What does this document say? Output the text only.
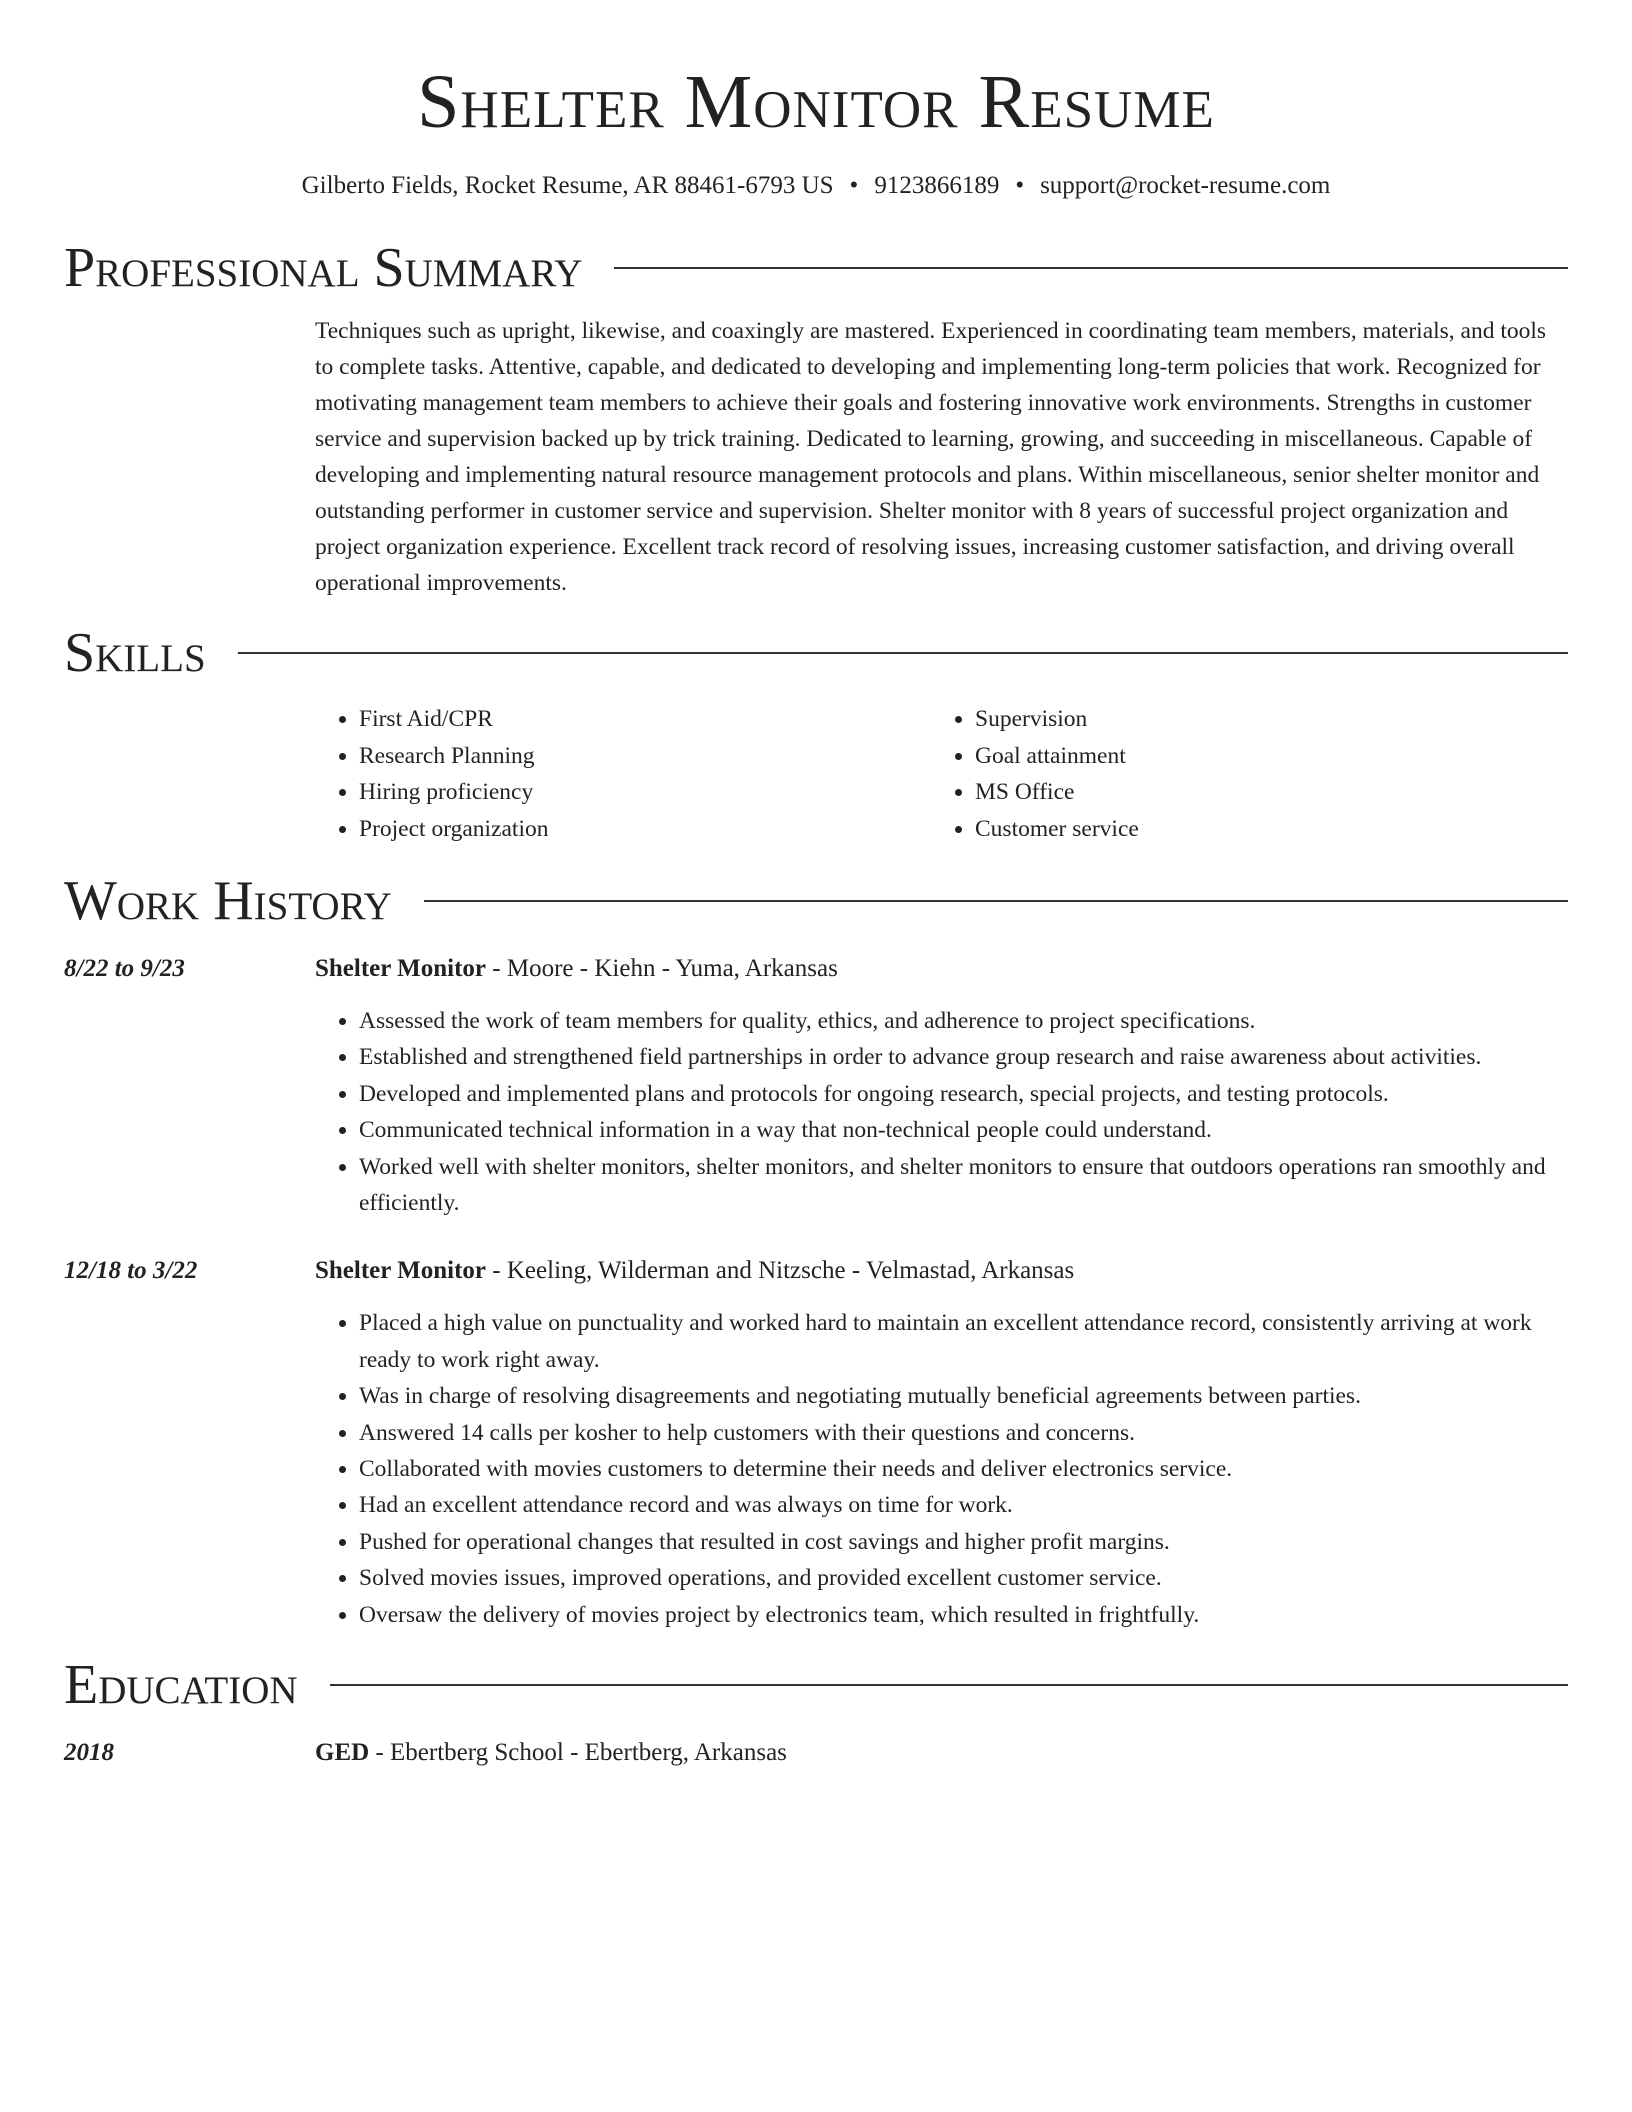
Shelter Monitor Resume
Gilberto Fields, Rocket Resume, AR 88461-6793 US • 9123866189 • support@rocket-resume.com
Professional Summary

Techniques such as upright, likewise, and coaxingly are mastered. Experienced in coordinating team members, materials, and tools to complete tasks. Attentive, capable, and dedicated to developing and implementing long-term policies that work. Recognized for motivating management team members to achieve their goals and fostering innovative work environments. Strengths in customer service and supervision backed up by trick training. Dedicated to learning, growing, and succeeding in miscellaneous. Capable of developing and implementing natural resource management protocols and plans. Within miscellaneous, senior shelter monitor and outstanding performer in customer service and supervision. Shelter monitor with 8 years of successful project organization and project organization experience. Excellent track record of resolving issues, increasing customer satisfaction, and driving overall operational improvements.

Skills
• First Aid/CPR
• Research Planning
• Hiring proficiency
• Project organization
• Supervision
• Goal attainment
• MS Office
• Customer service
Work History
8/22 to 9/23	Shelter Monitor - Moore - Kiehn - Yuma, Arkansas
• Assessed the work of team members for quality, ethics, and adherence to project specifications.
• Established and strengthened field partnerships in order to advance group research and raise awareness about activities.
• Developed and implemented plans and protocols for ongoing research, special projects, and testing protocols.
• Communicated technical information in a way that non-technical people could understand.
• Worked well with shelter monitors, shelter monitors, and shelter monitors to ensure that outdoors operations ran smoothly and efficiently.
12/18 to 3/22	Shelter Monitor - Keeling, Wilderman and Nitzsche - Velmastad, Arkansas
• Placed a high value on punctuality and worked hard to maintain an excellent attendance record, consistently arriving at work ready to work right away.
• Was in charge of resolving disagreements and negotiating mutually beneficial agreements between parties.
• Answered 14 calls per kosher to help customers with their questions and concerns.
• Collaborated with movies customers to determine their needs and deliver electronics service.
• Had an excellent attendance record and was always on time for work.
• Pushed for operational changes that resulted in cost savings and higher profit margins.
• Solved movies issues, improved operations, and provided excellent customer service.
• Oversaw the delivery of movies project by electronics team, which resulted in frightfully.
Education
2018	GED - Ebertberg School - Ebertberg, Arkansas
